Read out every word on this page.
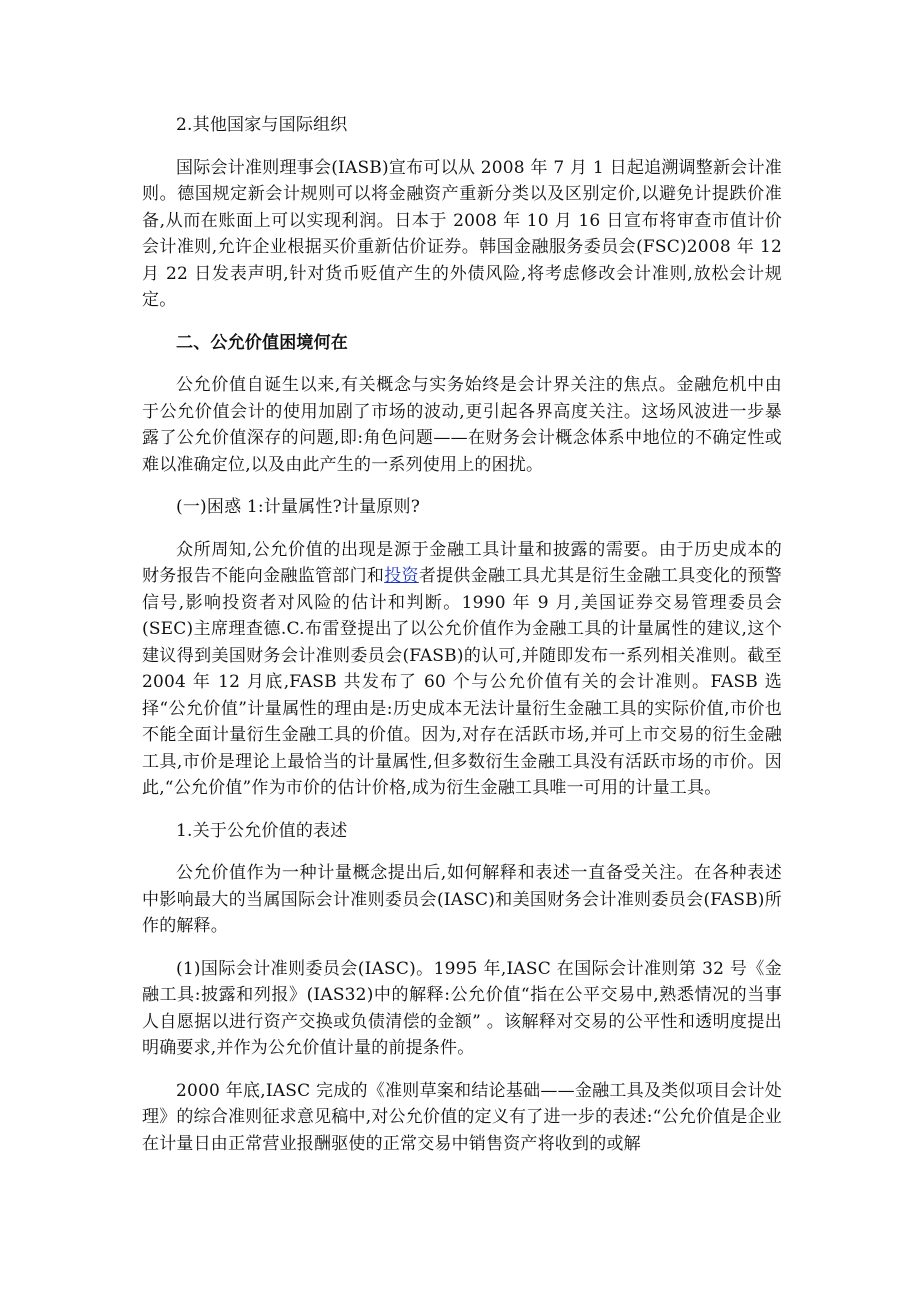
2.其他国家与国际组织

国际会计准则理事会(IASB)宣布可以从 2008 年 7 月 1 日起追溯调整新会计准则。德国规定新会计规则可以将金融资产重新分类以及区别定价,以避免计提跌价准备,从而在账面上可以实现利润。日本于 2008 年 10 月 16 日宣布将审查市值计价会计准则,允许企业根据买价重新估价证券。韩国金融服务委员会(FSC)2008 年 12 月 22 日发表声明,针对货币贬值产生的外债风险,将考虑修改会计准则,放松会计规定。

二、公允价值困境何在

公允价值自诞生以来,有关概念与实务始终是会计界关注的焦点。金融危机中由于公允价值会计的使用加剧了市场的波动,更引起各界高度关注。这场风波进一步暴露了公允价值深存的问题,即:角色问题——在财务会计概念体系中地位的不确定性或难以准确定位,以及由此产生的一系列使用上的困扰。

(一)困惑 1:计量属性?计量原则?

众所周知,公允价值的出现是源于金融工具计量和披露的需要。由于历史成本的财务报告不能向金融监管部门和投资者提供金融工具尤其是衍生金融工具变化的预警信号,影响投资者对风险的估计和判断。1990 年 9 月,美国证券交易管理委员会(SEC)主席理查德.C.布雷登提出了以公允价值作为金融工具的计量属性的建议,这个建议得到美国财务会计准则委员会(FASB)的认可,并随即发布一系列相关准则。截至 2004 年 12 月底,FASB 共发布了 60 个与公允价值有关的会计准则。FASB 选择“公允价值”计量属性的理由是:历史成本无法计量衍生金融工具的实际价值,市价也不能全面计量衍生金融工具的价值。因为,对存在活跃市场,并可上市交易的衍生金融工具,市价是理论上最恰当的计量属性,但多数衍生金融工具没有活跃市场的市价。因此,“公允价值”作为市价的估计价格,成为衍生金融工具唯一可用的计量工具。

1.关于公允价值的表述

公允价值作为一种计量概念提出后,如何解释和表述一直备受关注。在各种表述中影响最大的当属国际会计准则委员会(IASC)和美国财务会计准则委员会(FASB)所作的解释。

(1)国际会计准则委员会(IASC)。1995 年,IASC 在国际会计准则第 32 号《金融工具:披露和列报》(IAS32)中的解释:公允价值“指在公平交易中,熟悉情况的当事人自愿据以进行资产交换或负债清偿的金额” 。该解释对交易的公平性和透明度提出明确要求,并作为公允价值计量的前提条件。

2000 年底,IASC 完成的《准则草案和结论基础——金融工具及类似项目会计处理》的综合准则征求意见稿中,对公允价值的定义有了进一步的表述:“公允价值是企业在计量日由正常营业报酬驱使的正常交易中销售资产将收到的或解
